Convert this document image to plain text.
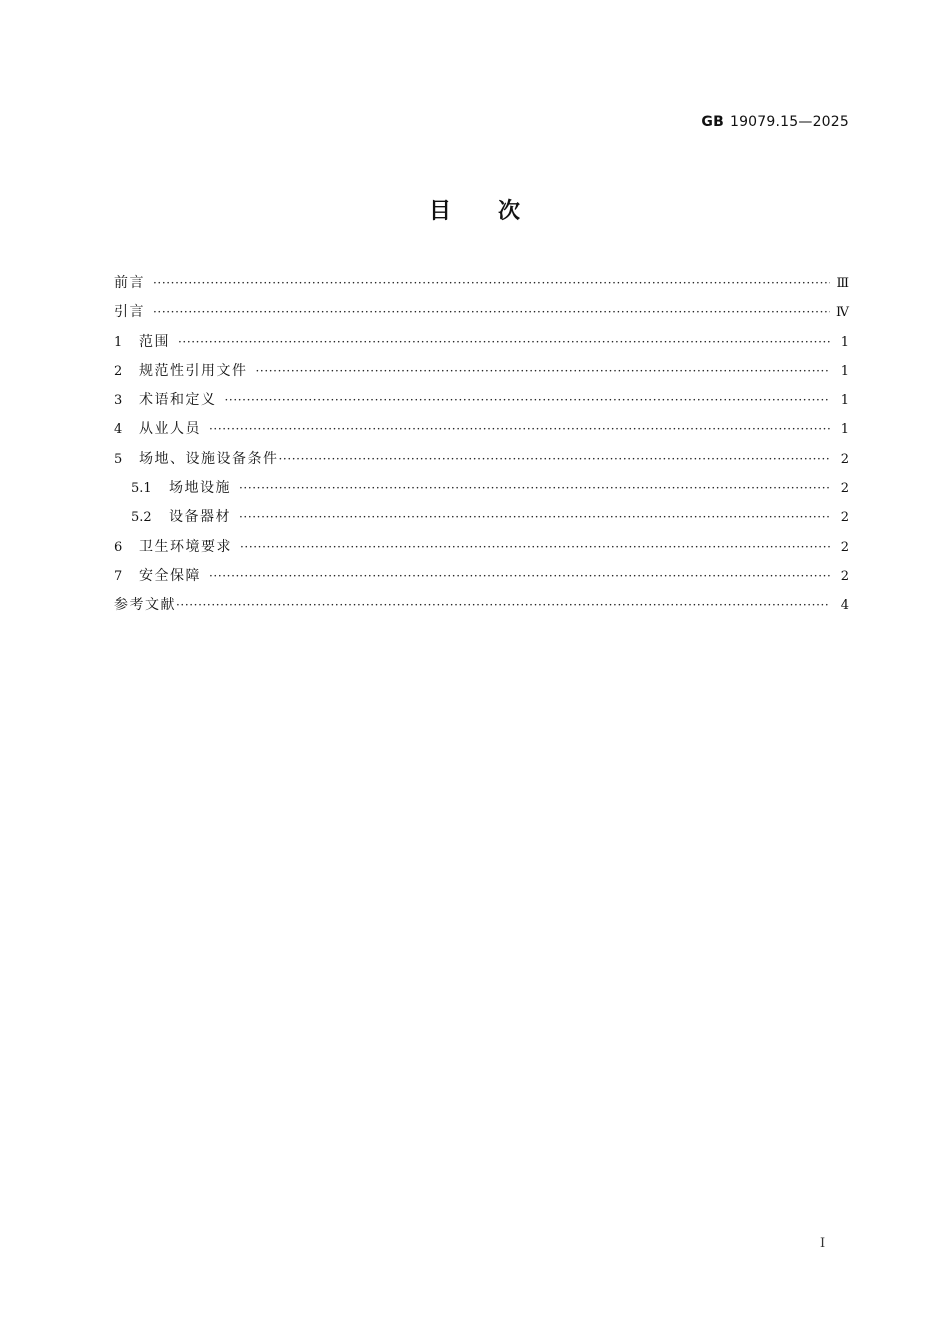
GB 19079.15—2025
目　　次
前言 ·····	Ⅲ
引言 ·····	Ⅳ
1	范围 ·····	1
2	规范性引用文件 ·····	1
3	术语和定义 ·····	1
4	从业人员 ·····	1
5	场地、设施设备条件 ·····	2
5.1	场地设施 ·····	2
5.2	设备器材 ·····	2
6	卫生环境要求 ·····	2
7	安全保障 ·····	2
参考文献 ·····	4
I
